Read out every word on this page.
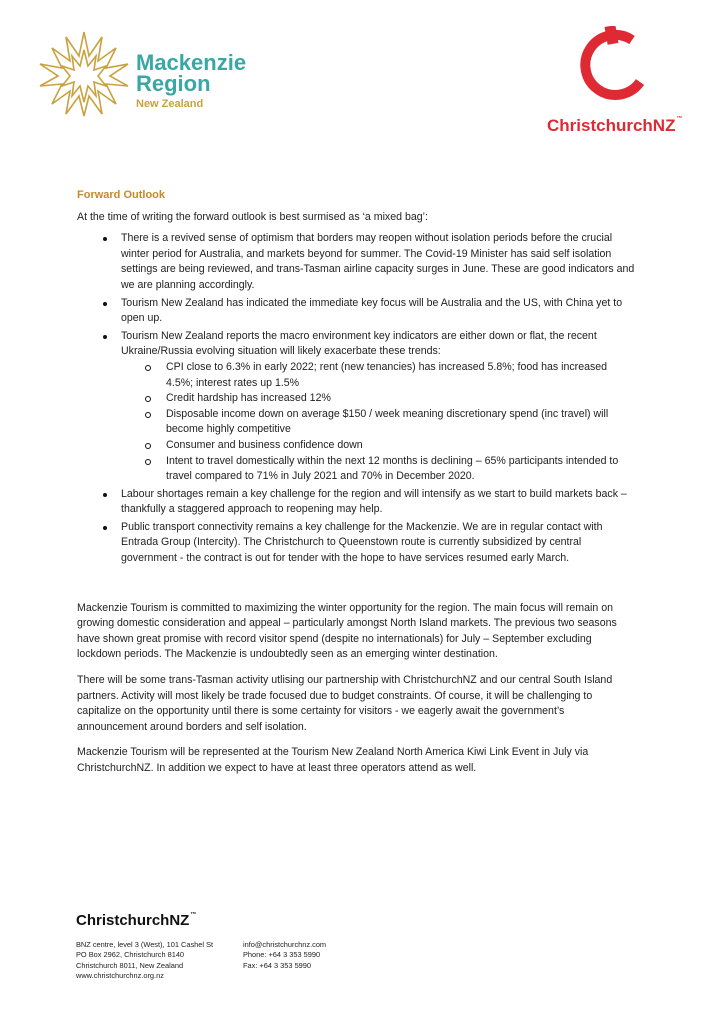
Mackenzie
Region
New Zealand
ChristchurchNZ™
Forward Outlook
At the time of writing the forward outlook is best surmised as ‘a mixed bag’:
There is a revived sense of optimism that borders may reopen without isolation periods before the crucial winter period for Australia, and markets beyond for summer. The Covid-19 Minister has said self isolation settings are being reviewed, and trans-Tasman airline capacity surges in June. These are good indicators and we are planning accordingly.
Tourism New Zealand has indicated the immediate key focus will be Australia and the US, with China yet to open up.
Tourism New Zealand reports the macro environment key indicators are either down or flat, the recent Ukraine/Russia evolving situation will likely exacerbate these trends:
CPI close to 6.3% in early 2022; rent (new tenancies) has increased 5.8%; food has increased 4.5%; interest rates up 1.5%
Credit hardship has increased 12%
Disposable income down on average $150 / week meaning discretionary spend (inc travel) will become highly competitive
Consumer and business confidence down
Intent to travel domestically within the next 12 months is declining – 65% participants intended to travel compared to 71% in July 2021 and 70% in December 2020.
Labour shortages remain a key challenge for the region and will intensify as we start to build markets back – thankfully a staggered approach to reopening may help.
Public transport connectivity remains a key challenge for the Mackenzie. We are in regular contact with Entrada Group (Intercity). The Christchurch to Queenstown route is currently subsidized by central government - the contract is out for tender with the hope to have services resumed early March.

Mackenzie Tourism is committed to maximizing the winter opportunity for the region. The main focus will remain on growing domestic consideration and appeal – particularly amongst North Island markets. The previous two seasons have shown great promise with record visitor spend (despite no internationals) for July – September excluding lockdown periods. The Mackenzie is undoubtedly seen as an emerging winter destination.

There will be some trans-Tasman activity utlising our partnership with ChristchurchNZ and our central South Island partners. Activity will most likely be trade focused due to budget constraints. Of course, it will be challenging to capitalize on the opportunity until there is some certainty for visitors - we eagerly await the government’s announcement around borders and self isolation.

Mackenzie Tourism will be represented at the Tourism New Zealand North America Kiwi Link Event in July via ChristchurchNZ. In addition we expect to have at least three operators attend as well.

ChristchurchNZ™
BNZ centre, level 3 (West), 101 Cashel St
PO Box 2962, Christchurch 8140
Christchurch 8011, New Zealand
www.christchurchnz.org.nz
info@christchurchnz.com
Phone: +64 3 353 5990
Fax: +64 3 353 5990
